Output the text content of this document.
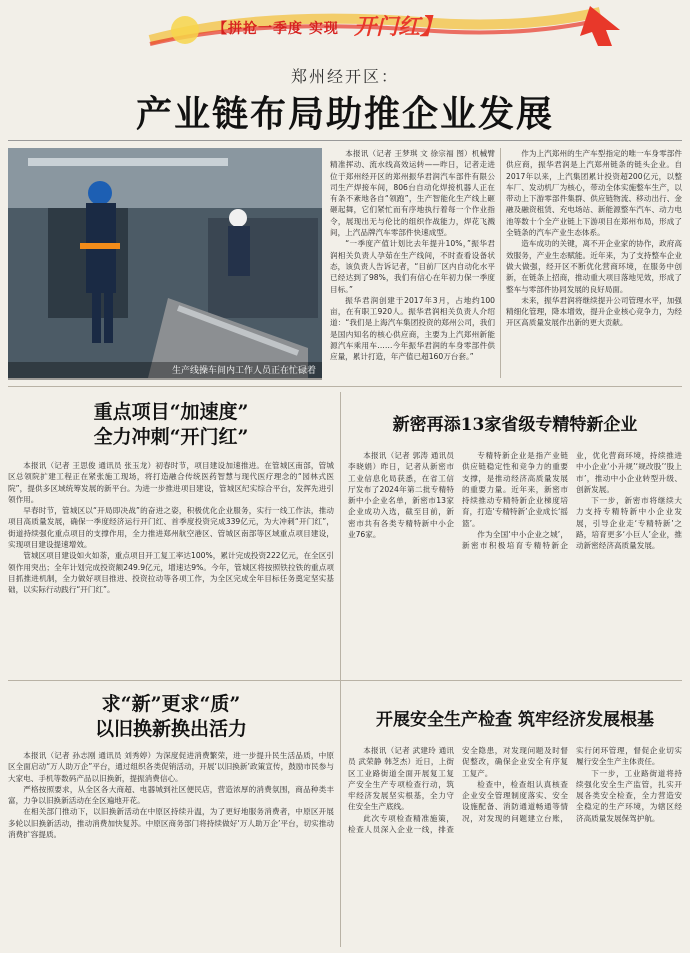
【拼抢一季度 实现 开门红】
郑州经开区：
产业链布局助推企业发展
生产线操车间内工作人员正在忙碌着

本报讯（记者 王梦琪 文 徐宗福 图）机械臂精准挥动、流水线高效运转——昨日，记者走进位于郑州经开区的郑州振华君润汽车部件有限公司生产焊接车间，806台自动化焊接机器人正在有条不紊地各自“领跑”，生产智能化生产线上砸砸起舞，它们紧忙而有序地执行着每一个作业指令，展现出无与伦比的组织作战能力，焊花飞溅间，上汽品牌汽车零部件快速成型。

“一季度产值计划比去年提升10%，”振华君润相关负责人孕茹在生产线间，不时查看设备状态，该负责人告诉记者，“目前厂区内自动化水平已经达到了98%，我们有信心在年初力保一季度目标。”

振华君润创建于2017年3月，占地约100亩，在有职工920人。振华君润相关负责人介绍道：“我们是上海汽车集团投资的郑州公司，我们是国内知名的核心供应商，主要为上汽郑州新能源汽车乘用车……今年振华君润的车身零部件供应量，累计打造，年产值已超160万台套。”

作为上汽郑州的生产车型指定的唯一车身零部件供应商，振华君润是上汽郑州链条的链头企业。自2017年以来，上汽集团累计投资超200亿元，以整车厂、发动机厂为核心，带动全体实施整车生产，以带动上下游零部件集群、供应链物流、移动出行、金融及融资租赁、充电场站、新能源整车汽车、动力电池等数十个全产业链上下游项目在郑州布局，形成了全链条的汽车产业生态体系。

造车成功的关键，离不开企业家的协作，政府高效服务，产业生态赋能。近年来，为了支持整车企业做大做强，经开区不断优化营商环境，在服务中创新，在链条上招商，推动重大项目落地见效，形成了整车与零部件协同发展的良好局面。

未来，振华君润将继续提升公司管理水平，加强精细化管理，降本增效，提升企业核心竞争力，为经开区高质量发展作出新的更大贡献。

重点项目“加速度”
全力冲刺“开门红”

本报讯（记者 王思俊 通讯员 张玉龙）初春时节，项目建设加速推进。在管城区南部，管城区总领院扩建工程正在紧张施工现场，将打造融合传统医药智慧与现代医疗理念的“园林式医院”，提供多区域统筹发展的新平台。为进一步推进项目建设，管城区纪实综合平台，发挥先进引领作用。

早春时节，管城区以“开局即决战”的奋进之姿，积极优化企业服务，实行一线工作法，推动项目高质量发展，确保一季度经济运行开门红、首季度投资完成339亿元，为大冲刺“开门红”，街道持续强化重点项目的支撑作用，全力推进郑州航空港区、管城区南部等区域重点项目建设，实现项目建设提速增效。

管城区项目建设如火如荼，重点项目开工复工率达100%，累计完成投资222亿元，在全区引领作用突出；全年计划完成投资额249.9亿元，增速达9%。今年，管城区将按照铁拉铁的重点项目抓推进机制，全力做好项目推进、投资拉动等各项工作，为全区完成全年目标任务奠定坚实基础，以实际行动践行“开门红”。

新密再添13家省级专精特新企业

本报讯（记者 郭涛 通讯员 李晓娟）昨日，记者从新密市工业信息化局获悉，在省工信厅发布了2024年第二批专精特新中小企业名单，新密市13家企业成功入选，截至目前，新密市共有各类专精特新中小企业76家。

专精特新企业是指产业链供应链稳定性和竞争力的重要支撑，是推动经济高质量发展的重要力量。近年来，新密市持续推动专精特新企业梯度培育，打造‘专精特新’企业成长‘摇篮’。

作为全国‘中小企业之城’，新密市积极培育专精特新企业，优化营商环境，持续推进中小企业‘小升规’‘规改股’‘股上市’，推动中小企业转型升级、创新发展。

下一步，新密市将继续大力支持专精特新中小企业发展，引导企业走‘专精特新’之路，培育更多‘小巨人’企业，推动新密经济高质量发展。

求“新”更求“质”
以旧换新换出活力

本报讯（记者 孙志刚 通讯员 刘秀婷）为深度促进消费繁荣，进一步提升民生活品质，中原区全面启动“万人助万企”平台，通过组织各类促销活动，开展‘以旧换新’政策宣传，鼓励市民参与大家电、手机等数码产品以旧换新，提振消费信心。

严格按照要求，从全区各大商超、电器城到社区便民店，营造浓厚的消费氛围，商品种类丰富，力争以旧换新活动在全区遍地开花。

在相关部门推动下，以旧换新活动在中原区持续升温，为了更好地服务消费者，中原区开展多轮以旧换新活动，推动消费加快复苏。中原区商务部门将持续做好‘万人助万企’平台，切实推动消费扩容提质。

开展安全生产检查 筑牢经济发展根基

本报讯（记者 武建玲 通讯员 武荣静 韩芝杰）近日，上街区工业路街道全面开展复工复产安全生产专项检查行动，筑牢经济发展坚实根基，全力守住安全生产底线。

此次专项检查精准施策，检查人员深入企业一线，排查安全隐患，对发现问题及时督促整改，确保企业安全有序复工复产。

检查中，检查组认真核查企业安全管理制度落实、安全设施配备、消防通道畅通等情况，对发现的问题建立台账，实行闭环管理，督促企业切实履行安全生产主体责任。

下一步，工业路街道将持续强化安全生产监管，扎实开展各类安全检查，全力营造安全稳定的生产环境，为辖区经济高质量发展保驾护航。
